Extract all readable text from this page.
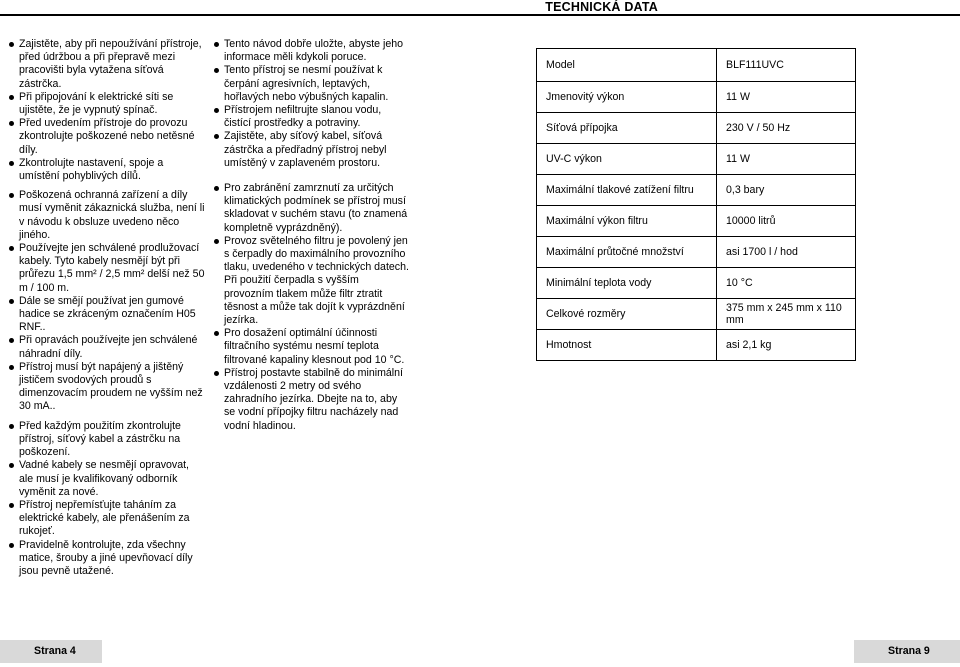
TECHNICKÁ DATA
Zajistěte, aby při nepoužívání přístroje, před údržbou a při přepravě mezi pracovišti byla vytažena síťová zástrčka.
Při připojování k elektrické síti se ujistěte, že je vypnutý spínač.
Před uvedením přístroje do provozu zkontrolujte poškozené nebo netěsné díly.
Zkontrolujte nastavení, spoje a umístění pohyblivých dílů.
Poškozená ochranná zařízení a díly musí vyměnit zákaznická služba, není li v návodu k obsluze uvedeno něco jiného.
Používejte jen schválené prodlužovací kabely. Tyto kabely nesmějí být při průřezu 1,5 mm² / 2,5 mm² delší než 50 m / 100 m.
Dále se smějí používat jen gumové hadice se zkráceným označením H05 RNF..
Při opravách používejte jen schválené náhradní díly.
Přístroj musí být napájený a jištěný jističem svodových proudů s dimenzovacím proudem ne vyšším než 30 mA..
Před každým použitím zkontrolujte přístroj, síťový kabel a zástrčku na poškození.
Vadné kabely se nesmějí opravovat, ale musí je kvalifikovaný odborník vyměnit za nové.
Přístroj nepřemísťujte taháním za elektrické kabely, ale přenášením za rukojeť.
Pravidelně kontrolujte, zda všechny matice, šrouby a jiné upevňovací díly jsou pevně utažené.
Tento návod dobře uložte, abyste jeho informace měli kdykoli poruce.
Tento přístroj se nesmí používat k čerpání agresivních, leptavých, hořlavých nebo výbušných kapalin.
Přístrojem nefiltrujte slanou vodu, čistící prostředky a potraviny.
Zajistěte, aby síťový kabel, síťová zástrčka a předřadný přístroj nebyl umístěný v zaplaveném prostoru.
Pro zabránění zamrznutí za určitých klimatických podmínek se přístroj musí skladovat v suchém stavu (to znamená kompletně vyprázdněný).
Provoz světelného filtru je povolený jen s čerpadly do maximálního provozního tlaku, uvedeného v technických datech. Při použití čerpadla s vyšším provozním tlakem může filtr ztratit těsnost a může tak dojít k vyprázdnění jezírka.
Pro dosažení optimální účinnosti filtračního systému nesmí teplota filtrované kapaliny klesnout pod 10 °C.
Přístroj postavte stabilně do minimální vzdálenosti 2 metry od svého zahradního jezírka. Dbejte na to, aby se vodní přípojky filtru nacházely nad vodní hladinou.
Model	BLF111UVC
Jmenovitý výkon	11 W
Síťová přípojka	230 V / 50 Hz
UV-C výkon	11 W
Maximální tlakové zatížení filtru	0,3 bary
Maximální výkon filtru	10000 litrů
Maximální průtočné množství	asi 1700 l / hod
Minimální teplota vody	10 °C
Celkové rozměry	375 mm x 245 mm x 110 mm
Hmotnost	asi 2,1 kg
Strana 4	Strana 9
